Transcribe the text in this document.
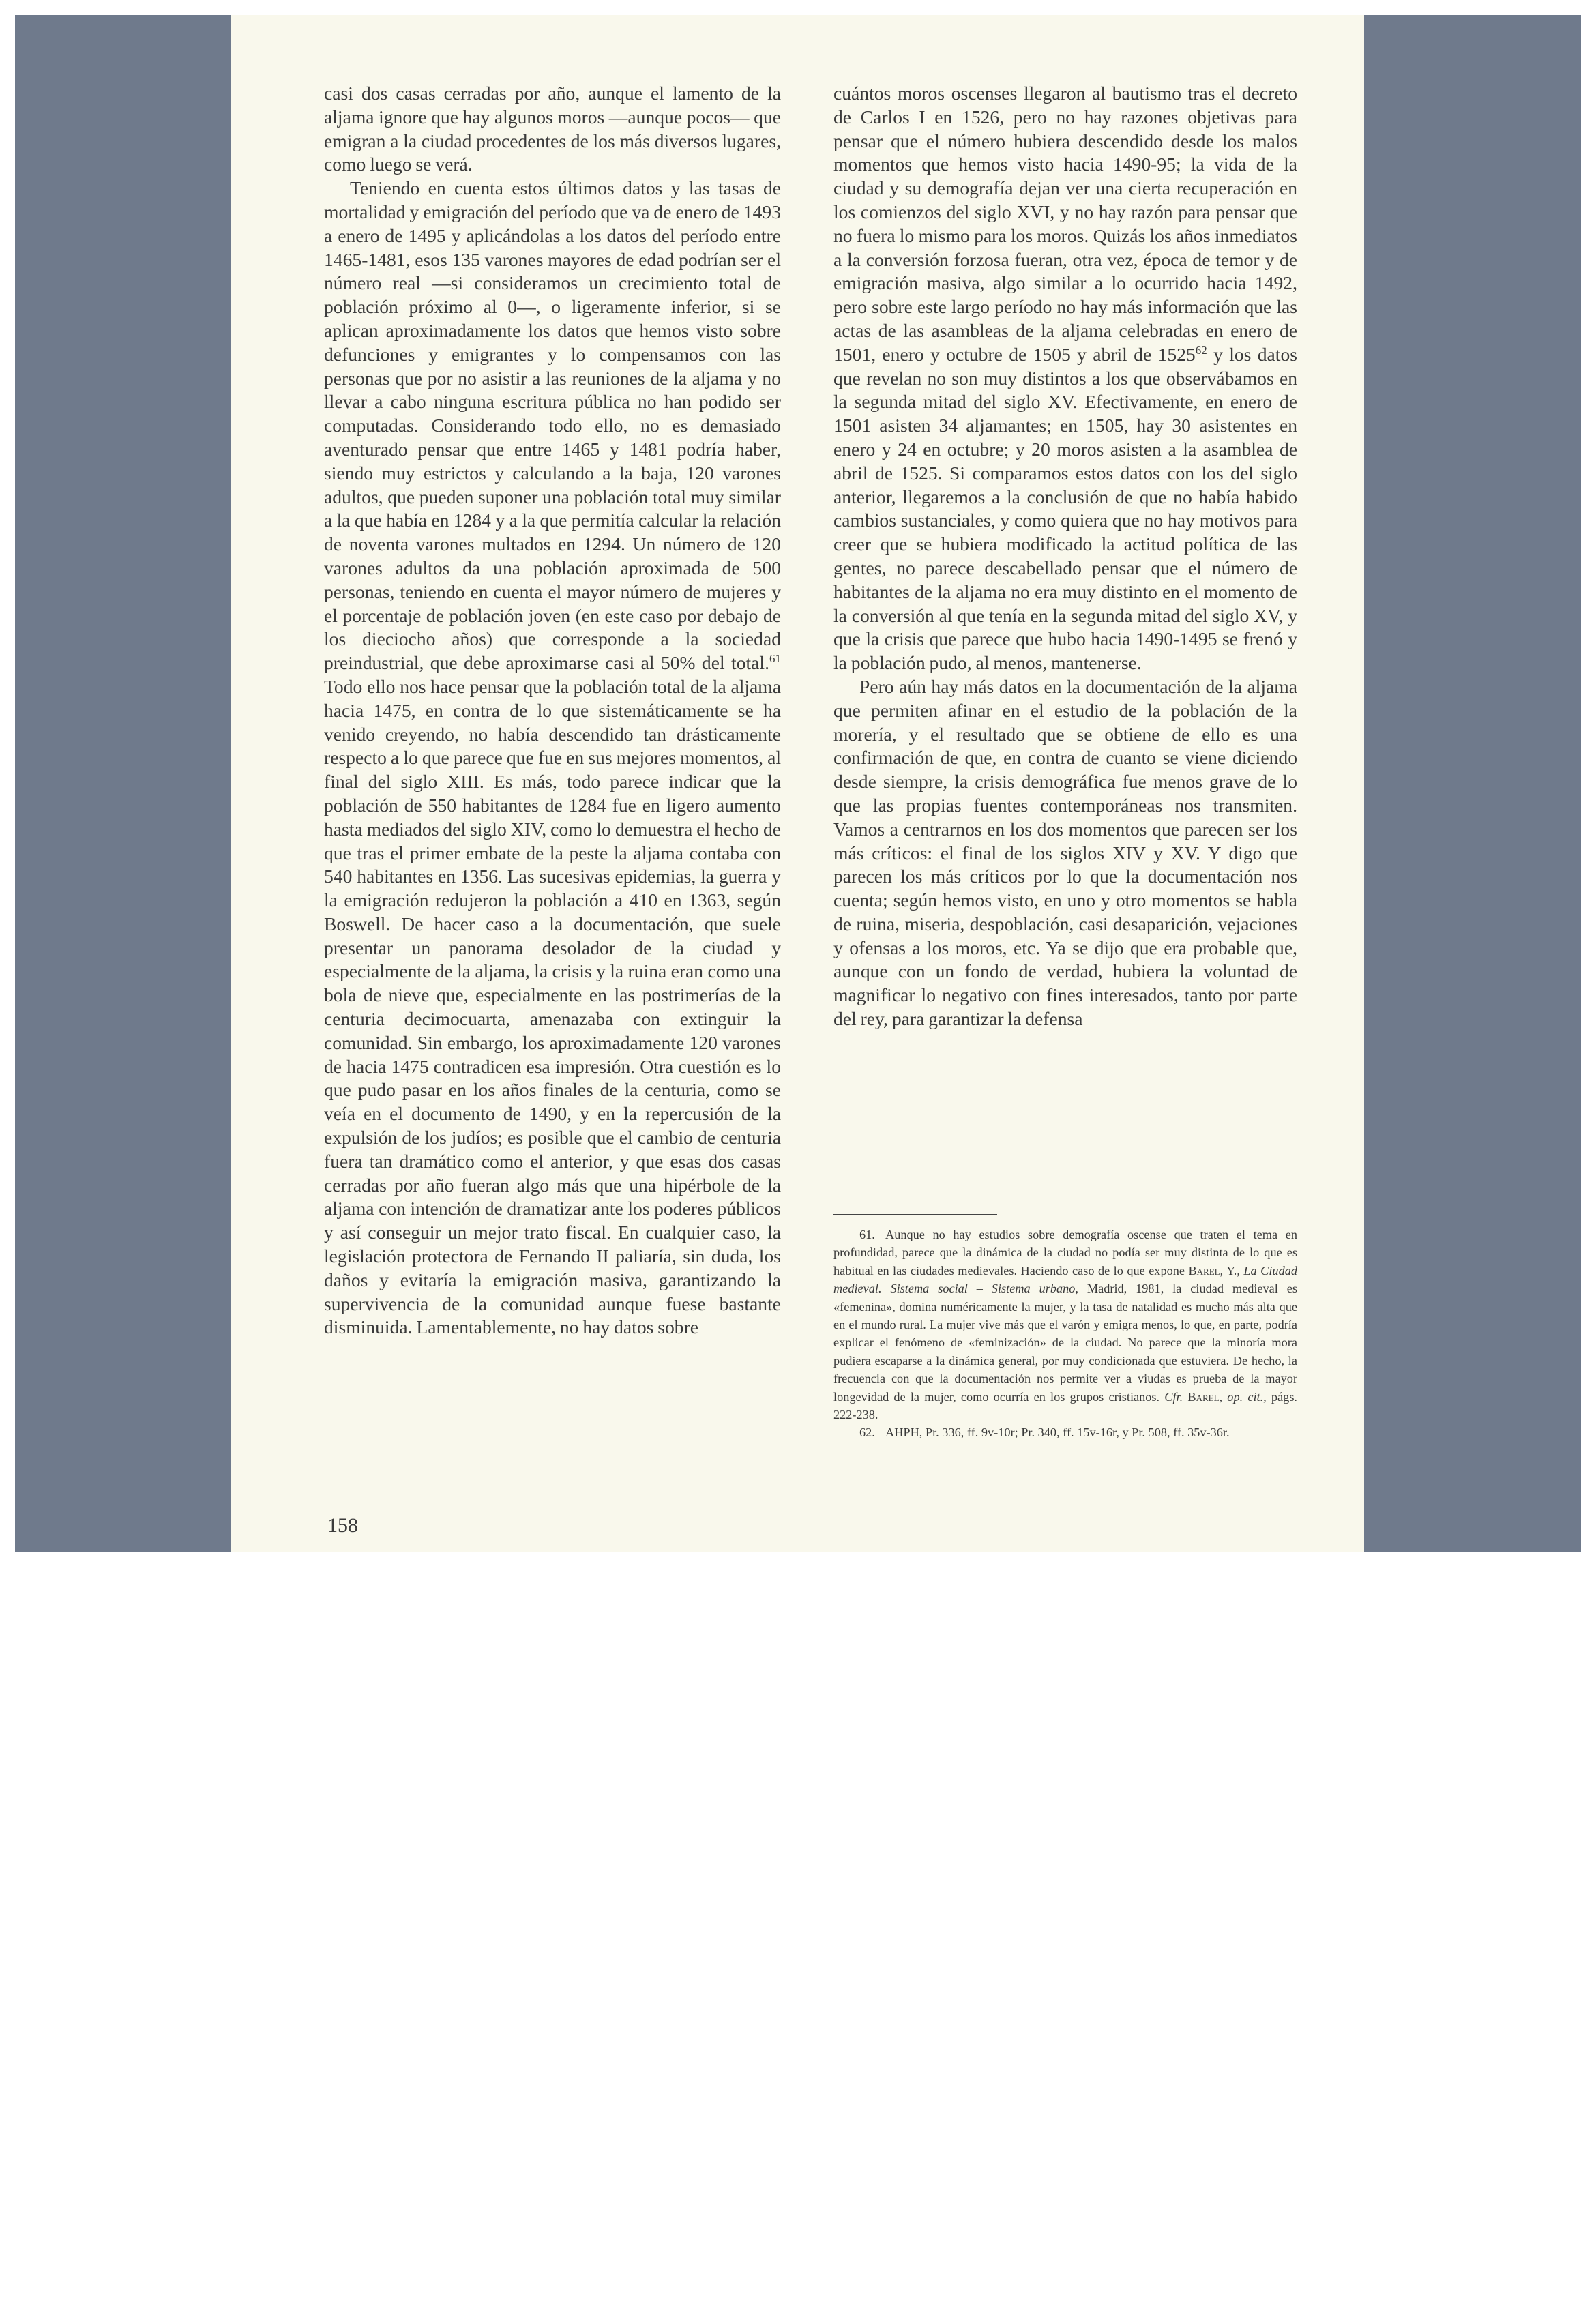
casi dos casas cerradas por año, aunque el lamento de la aljama ignore que hay algunos moros —aunque pocos— que emigran a la ciudad procedentes de los más diversos lugares, como luego se verá.

Teniendo en cuenta estos últimos datos y las tasas de mortalidad y emigración del período que va de enero de 1493 a enero de 1495 y aplicándolas a los datos del período entre 1465-1481, esos 135 varones mayores de edad podrían ser el número real —si consideramos un crecimiento total de población próximo al 0—, o ligeramente inferior, si se aplican aproximadamente los datos que hemos visto sobre defunciones y emigrantes y lo compensamos con las personas que por no asistir a las reuniones de la aljama y no llevar a cabo ninguna escritura pública no han podido ser computadas. Considerando todo ello, no es demasiado aventurado pensar que entre 1465 y 1481 podría haber, siendo muy estrictos y calculando a la baja, 120 varones adultos, que pueden suponer una población total muy similar a la que había en 1284 y a la que permitía calcular la relación de noventa varones multados en 1294. Un número de 120 varones adultos da una población aproximada de 500 personas, teniendo en cuenta el mayor número de mujeres y el porcentaje de población joven (en este caso por debajo de los dieciocho años) que corresponde a la sociedad preindustrial, que debe aproximarse casi al 50% del total.$^{61}$ Todo ello nos hace pensar que la población total de la aljama hacia 1475, en contra de lo que sistemáticamente se ha venido creyendo, no había descendido tan drásticamente respecto a lo que parece que fue en sus mejores momentos, al final del siglo XIII. Es más, todo parece indicar que la población de 550 habitantes de 1284 fue en ligero aumento hasta mediados del siglo XIV, como lo demuestra el hecho de que tras el primer embate de la peste la aljama contaba con 540 habitantes en 1356. Las sucesivas epidemias, la guerra y la emigración redujeron la población a 410 en 1363, según Boswell. De hacer caso a la documentación, que suele presentar un panorama desolador de la ciudad y especialmente de la aljama, la crisis y la ruina eran como una bola de nieve que, especialmente en las postrimerías de la centuria decimocuarta, amenazaba con extinguir la comunidad. Sin embargo, los aproximadamente 120 varones de hacia 1475 contradicen esa impresión. Otra cuestión es lo que pudo pasar en los años finales de la centuria, como se veía en el documento de 1490, y en la repercusión de la expulsión de los judíos; es posible que el cambio de centuria fuera tan dramático como el anterior, y que esas dos casas cerradas por año fueran algo más que una hipérbole de la aljama con intención de dramatizar ante los poderes públicos y así conseguir un mejor trato fiscal. En cualquier caso, la legislación protectora de Fernando II paliaría, sin duda, los daños y evitaría la emigración masiva, garantizando la supervivencia de la comunidad aunque fuese bastante disminuida. Lamentablemente, no hay datos sobre

cuántos moros oscenses llegaron al bautismo tras el decreto de Carlos I en 1526, pero no hay razones objetivas para pensar que el número hubiera descendido desde los malos momentos que hemos visto hacia 1490-95; la vida de la ciudad y su demografía dejan ver una cierta recuperación en los comienzos del siglo XVI, y no hay razón para pensar que no fuera lo mismo para los moros. Quizás los años inmediatos a la conversión forzosa fueran, otra vez, época de temor y de emigración masiva, algo similar a lo ocurrido hacia 1492, pero sobre este largo período no hay más información que las actas de las asambleas de la aljama celebradas en enero de 1501, enero y octubre de 1505 y abril de 1525$^{62}$ y los datos que revelan no son muy distintos a los que observábamos en la segunda mitad del siglo XV. Efectivamente, en enero de 1501 asisten 34 aljamantes; en 1505, hay 30 asistentes en enero y 24 en octubre; y 20 moros asisten a la asamblea de abril de 1525. Si comparamos estos datos con los del siglo anterior, llegaremos a la conclusión de que no había habido cambios sustanciales, y como quiera que no hay motivos para creer que se hubiera modificado la actitud política de las gentes, no parece descabellado pensar que el número de habitantes de la aljama no era muy distinto en el momento de la conversión al que tenía en la segunda mitad del siglo XV, y que la crisis que parece que hubo hacia 1490-1495 se frenó y la población pudo, al menos, mantenerse.

Pero aún hay más datos en la documentación de la aljama que permiten afinar en el estudio de la población de la morería, y el resultado que se obtiene de ello es una confirmación de que, en contra de cuanto se viene diciendo desde siempre, la crisis demográfica fue menos grave de lo que las propias fuentes contemporáneas nos transmiten. Vamos a centrarnos en los dos momentos que parecen ser los más críticos: el final de los siglos XIV y XV. Y digo que parecen los más críticos por lo que la documentación nos cuenta; según hemos visto, en uno y otro momentos se habla de ruina, miseria, despoblación, casi desaparición, vejaciones y ofensas a los moros, etc. Ya se dijo que era probable que, aunque con un fondo de verdad, hubiera la voluntad de magnificar lo negativo con fines interesados, tanto por parte del rey, para garantizar la defensa

61. Aunque no hay estudios sobre demografía oscense que traten el tema en profundidad, parece que la dinámica de la ciudad no podía ser muy distinta de lo que es habitual en las ciudades medievales. Haciendo caso de lo que expone Barel, Y., La Ciudad medieval. Sistema social – Sistema urbano, Madrid, 1981, la ciudad medieval es «femenina», domina numéricamente la mujer, y la tasa de natalidad es mucho más alta que en el mundo rural. La mujer vive más que el varón y emigra menos, lo que, en parte, podría explicar el fenómeno de «feminización» de la ciudad. No parece que la minoría mora pudiera escaparse a la dinámica general, por muy condicionada que estuviera. De hecho, la frecuencia con que la documentación nos permite ver a viudas es prueba de la mayor longevidad de la mujer, como ocurría en los grupos cristianos. Cfr. Barel, op. cit., págs. 222-238.

62. AHPH, Pr. 336, ff. 9v-10r; Pr. 340, ff. 15v-16r, y Pr. 508, ff. 35v-36r.

158
